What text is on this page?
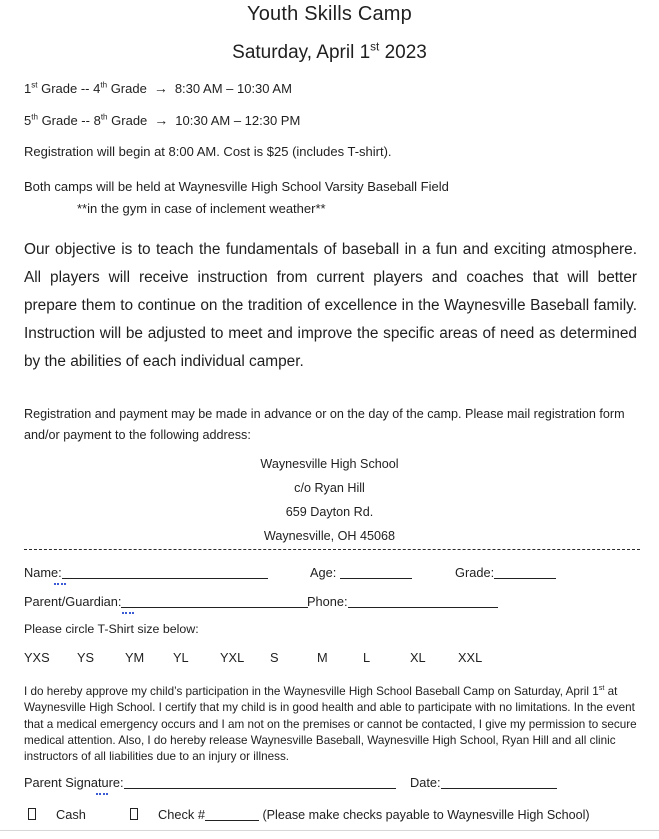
Youth Skills Camp
Saturday, April 1st 2023
1st Grade -- 4th Grade → 8:30 AM – 10:30 AM
5th Grade -- 8th Grade → 10:30 AM – 12:30 PM
Registration will begin at 8:00 AM. Cost is $25 (includes T-shirt).
Both camps will be held at Waynesville High School Varsity Baseball Field
**in the gym in case of inclement weather**
Our objective is to teach the fundamentals of baseball in a fun and exciting atmosphere. All players will receive instruction from current players and coaches that will better prepare them to continue on the tradition of excellence in the Waynesville Baseball family. Instruction will be adjusted to meet and improve the specific areas of need as determined by the abilities of each individual camper.
Registration and payment may be made in advance or on the day of the camp. Please mail registration form and/or payment to the following address:
Waynesville High School
c/o Ryan Hill
659 Dayton Rd.
Waynesville, OH 45068
Name:	Age:	Grade:
Parent/Guardian:	Phone:
Please circle T-Shirt size below:
YXS YS YM YL YXL S	M	L	XL	XXL
I do hereby approve my child’s participation in the Waynesville High School Baseball Camp on Saturday, April 1st at Waynesville High School. I certify that my child is in good health and able to participate with no limitations. In the event that a medical emergency occurs and I am not on the premises or cannot be contacted, I give my permission to secure medical attention. Also, I do hereby release Waynesville Baseball, Waynesville High School, Ryan Hill and all clinic instructors of all liabilities due to an injury or illness.
Parent Signature:	Date:
Cash	Check #	(Please make checks payable to Waynesville High School)
